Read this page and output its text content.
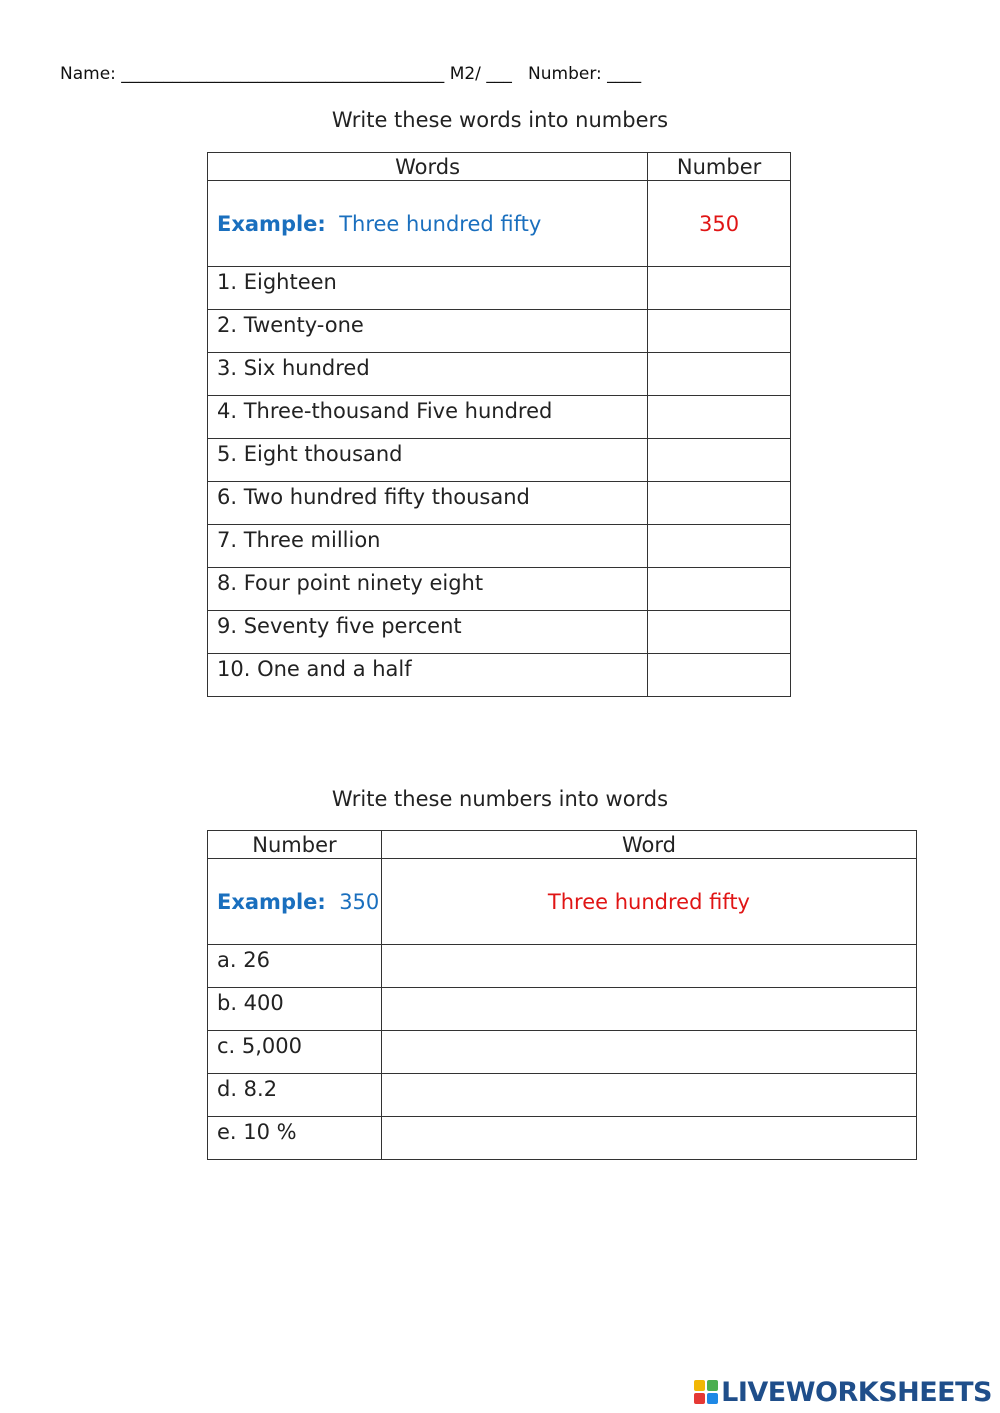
Name: ______________________________________ M2/ ___ Number: ____
Write these words into numbers
Words	Number
Example: Three hundred fifty	350
1. Eighteen	
2. Twenty-one	
3. Six hundred	
4. Three-thousand Five hundred	
5. Eight thousand	
6. Two hundred fifty thousand	
7. Three million	
8. Four point ninety eight	
9. Seventy five percent	
10. One and a half	
Write these numbers into words
Number	Word
Example: 350	Three hundred fifty
a. 26	
b. 400	
c. 5,000	
d. 8.2	
e. 10 %	
LIVEWORKSHEETS
